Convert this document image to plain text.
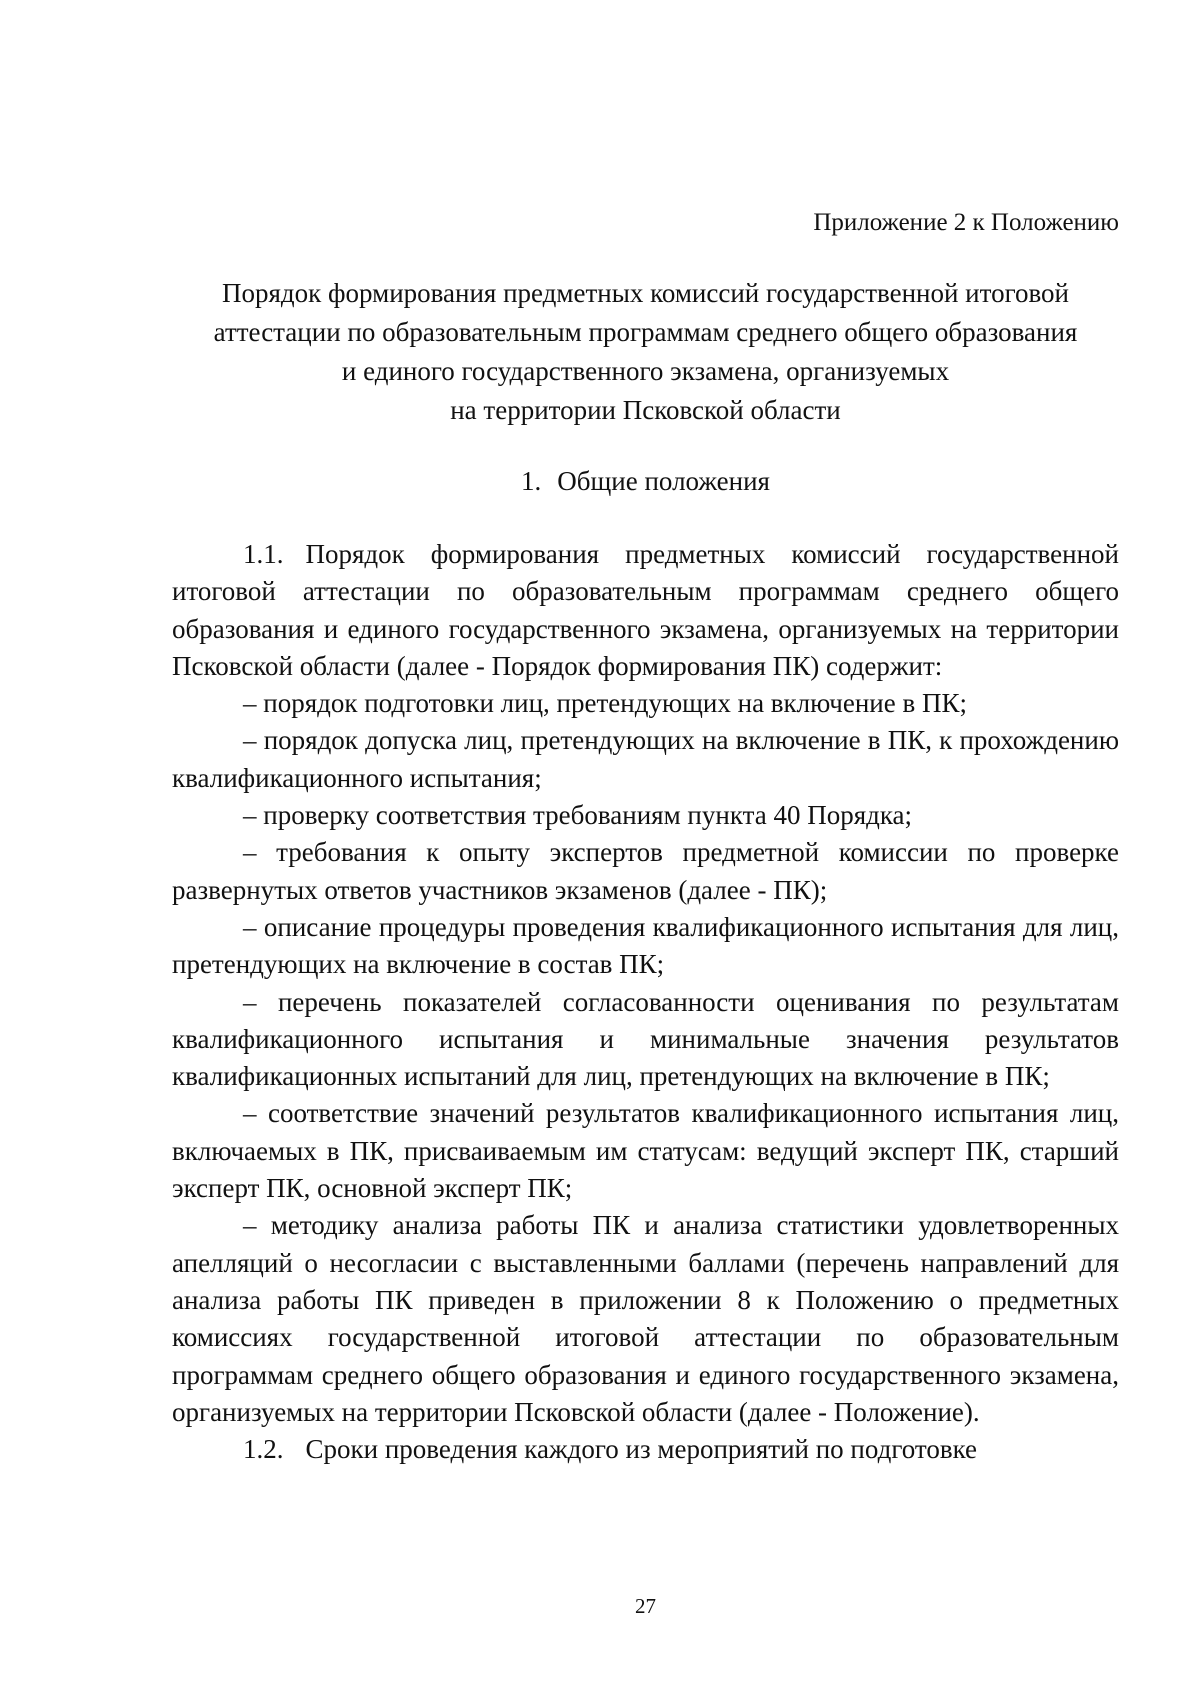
Приложение 2 к Положению
Порядок формирования предметных комиссий государственной итоговой
аттестации по образовательным программам среднего общего образования
и единого государственного экзамена, организуемых
на территории Псковской области
1. Общие положения

1.1. Порядок формирования предметных комиссий государственной итоговой аттестации по образовательным программам среднего общего образования и единого государственного экзамена, организуемых на территории Псковской области (далее - Порядок формирования ПК) содержит:

– порядок подготовки лиц, претендующих на включение в ПК;

– порядок допуска лиц, претендующих на включение в ПК, к прохождению квалификационного испытания;

– проверку соответствия требованиям пункта 40 Порядка;

– требования к опыту экспертов предметной комиссии по проверке развернутых ответов участников экзаменов (далее - ПК);

– описание процедуры проведения квалификационного испытания для лиц, претендующих на включение в состав ПК;

– перечень показателей согласованности оценивания по результатам квалификационного испытания и минимальные значения результатов квалификационных испытаний для лиц, претендующих на включение в ПК;

– соответствие значений результатов квалификационного испытания лиц, включаемых в ПК, присваиваемым им статусам: ведущий эксперт ПК, старший эксперт ПК, основной эксперт ПК;

– методику анализа работы ПК и анализа статистики удовлетворенных апелляций о несогласии с выставленными баллами (перечень направлений для анализа работы ПК приведен в приложении 8 к Положению о предметных комиссиях государственной итоговой аттестации по образовательным программам среднего общего образования и единого государственного экзамена, организуемых на территории Псковской области (далее - Положение).

1.2. Сроки проведения каждого из мероприятий по подготовке

27
